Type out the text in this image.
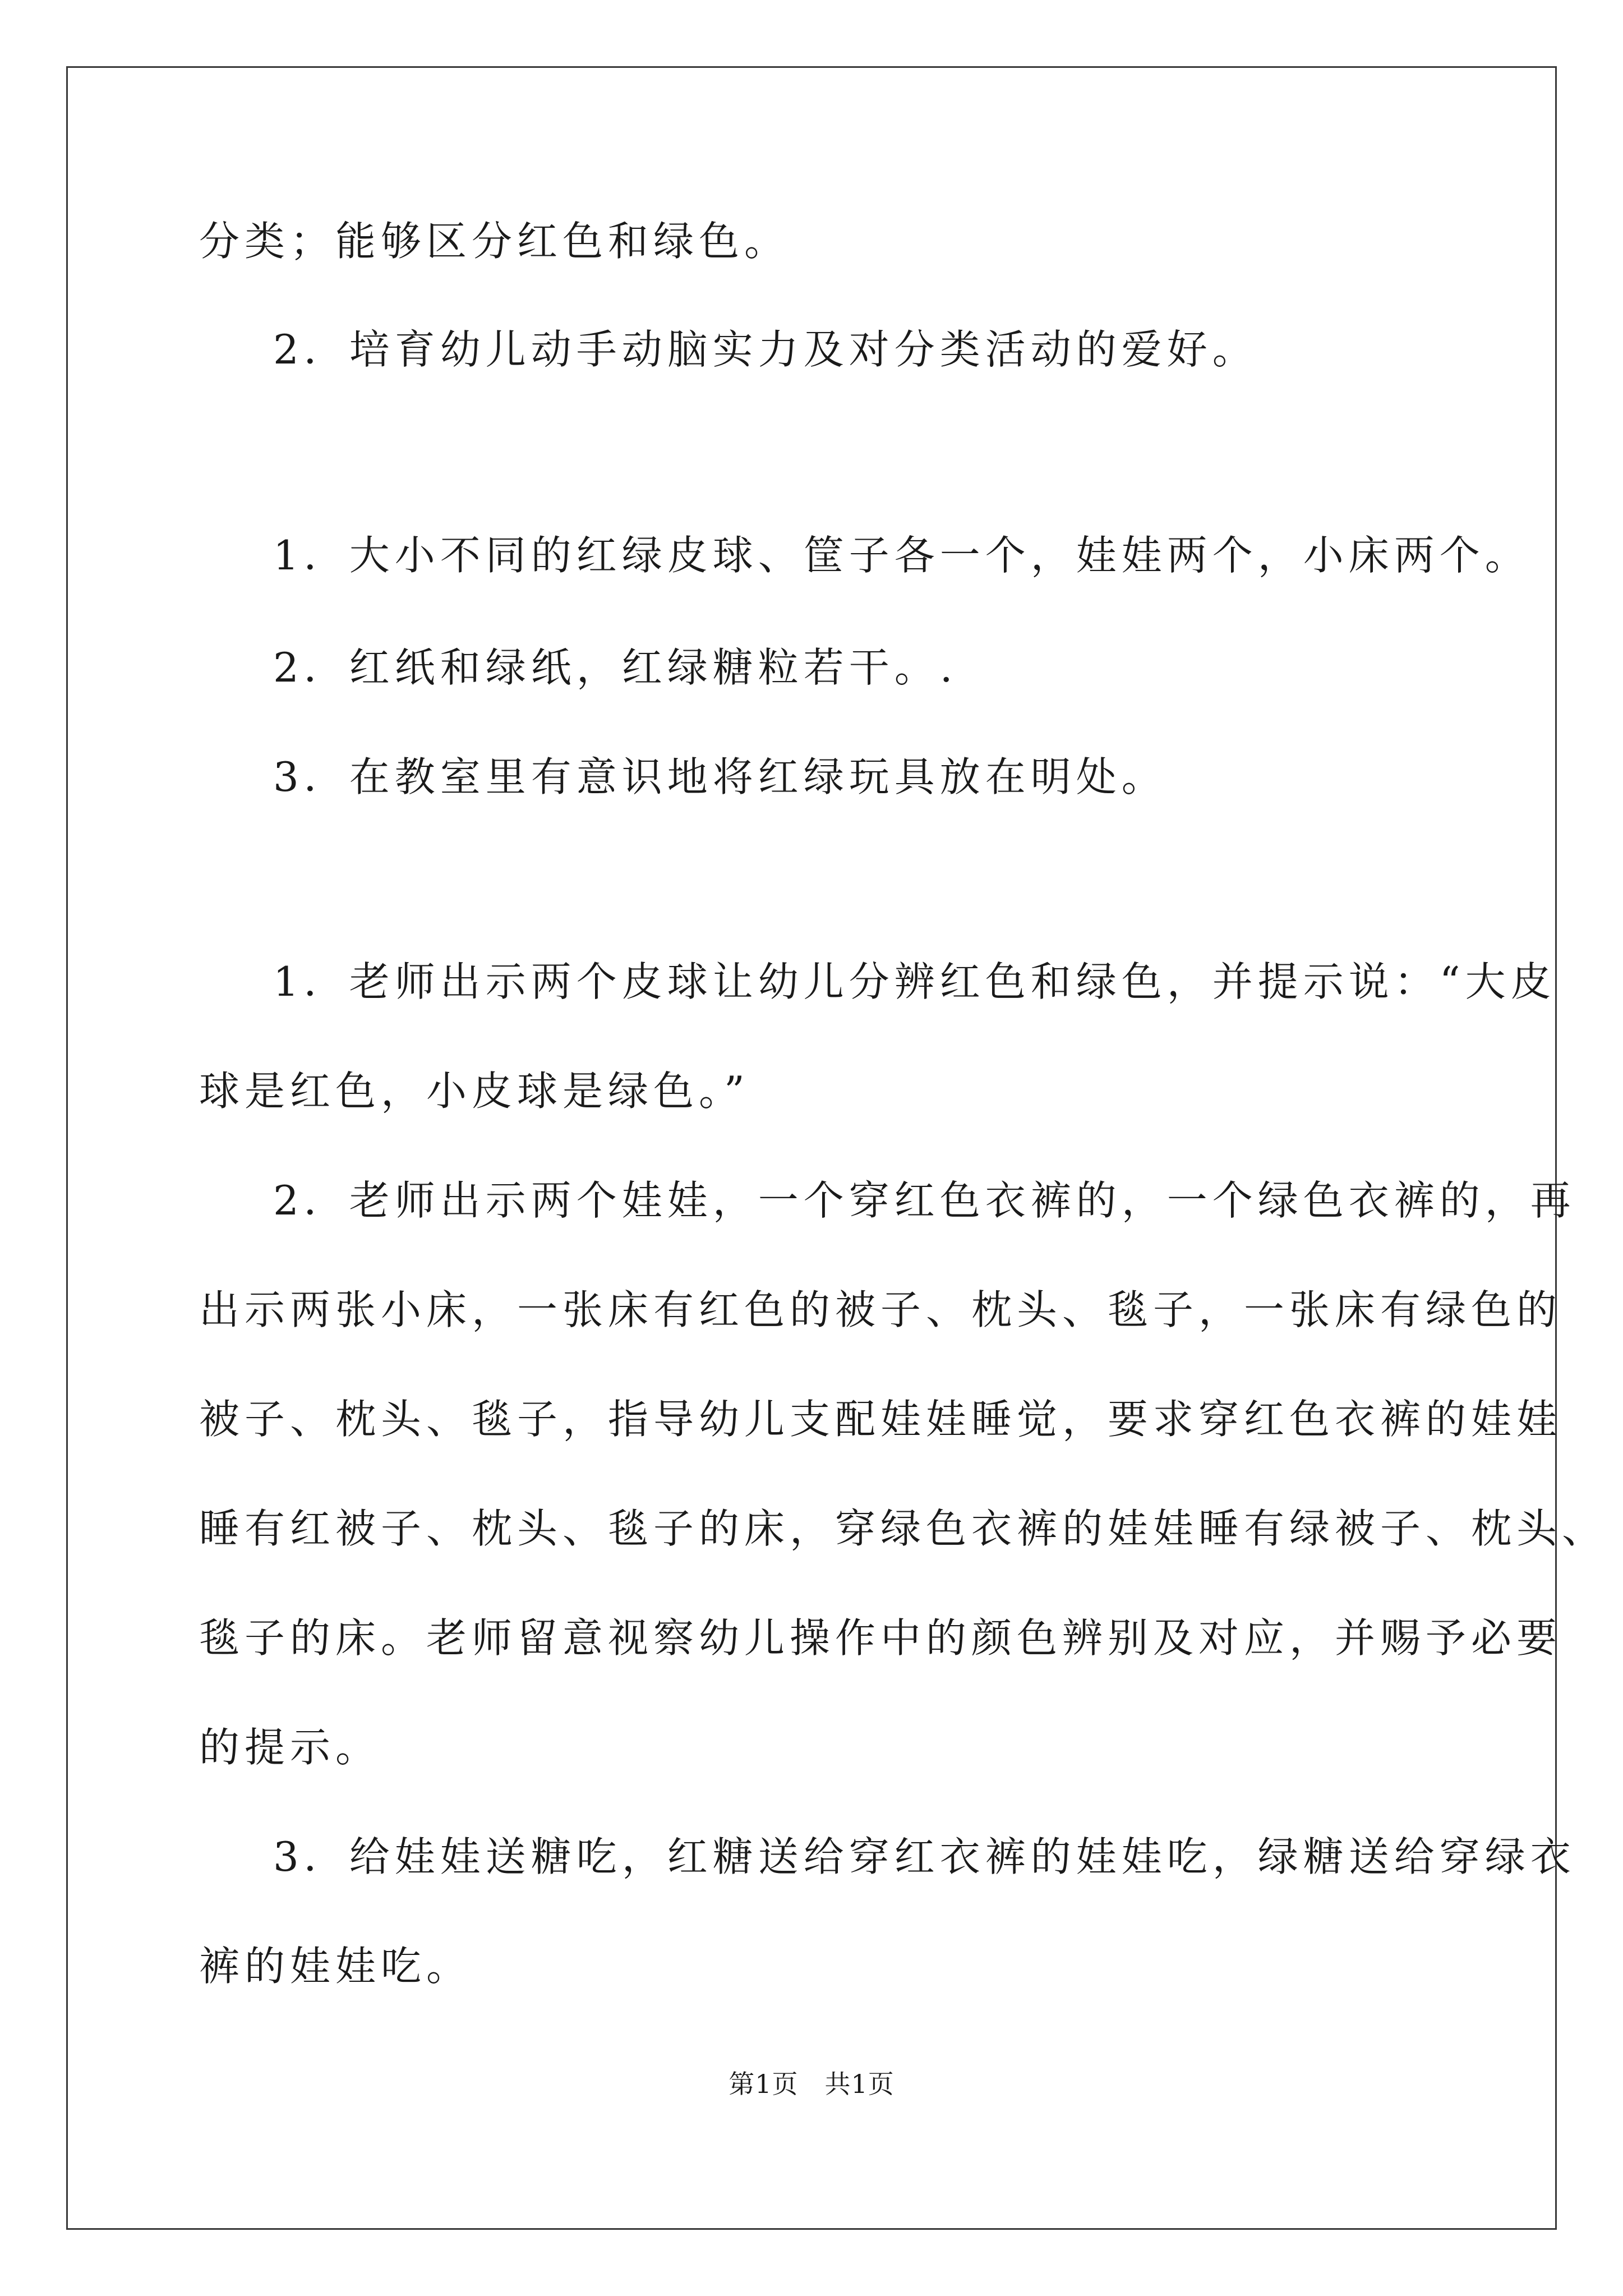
分类；能够区分红色和绿色。
2．培育幼儿动手动脑实力及对分类活动的爱好。
1．大小不同的红绿皮球、筐子各一个，娃娃两个，小床两个。
2．红纸和绿纸，红绿糖粒若干。.
3．在教室里有意识地将红绿玩具放在明处。
1．老师出示两个皮球让幼儿分辨红色和绿色，并提示说：“大皮
球是红色，小皮球是绿色。”
2．老师出示两个娃娃，一个穿红色衣裤的，一个绿色衣裤的，再
出示两张小床，一张床有红色的被子、枕头、毯子，一张床有绿色的
被子、枕头、毯子，指导幼儿支配娃娃睡觉，要求穿红色衣裤的娃娃
睡有红被子、枕头、毯子的床，穿绿色衣裤的娃娃睡有绿被子、枕头、
毯子的床。老师留意视察幼儿操作中的颜色辨别及对应，并赐予必要
的提示。
3．给娃娃送糖吃，红糖送给穿红衣裤的娃娃吃，绿糖送给穿绿衣
裤的娃娃吃。
第1页　共1页
